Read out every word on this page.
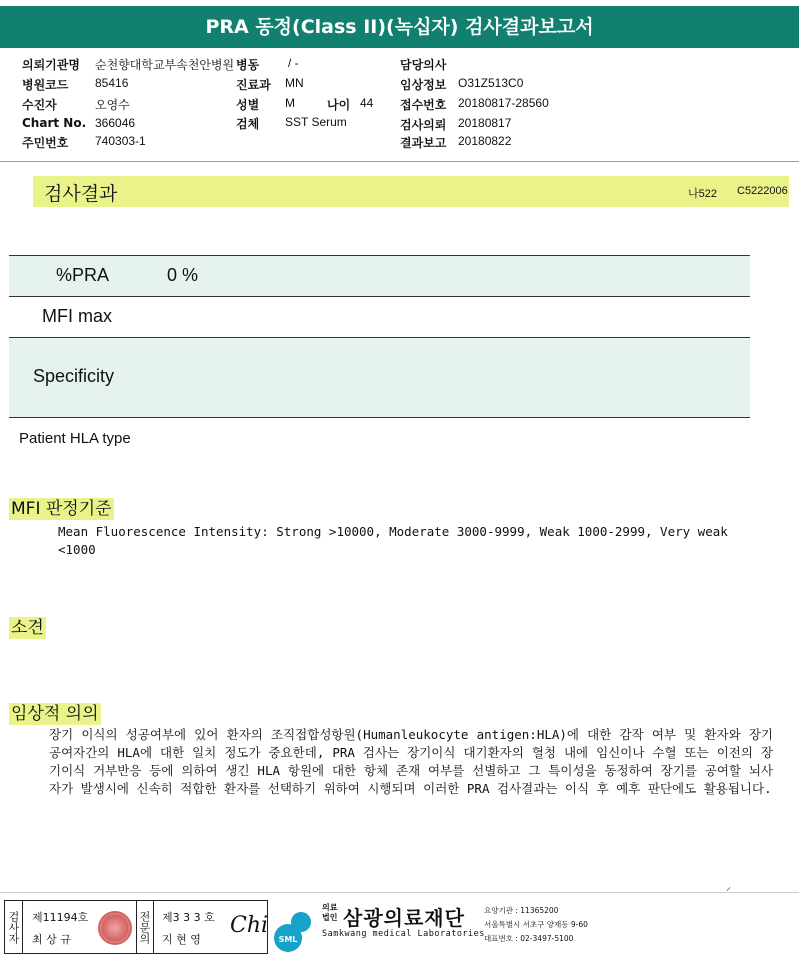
PRA 동정(Class II)(녹십자) 검사결과보고서
의뢰기관명 순천향대학교부속천안병원
병원코드 85416
수진자	오영수
Chart No. 366046
주민번호 740303-1
병동 / -
진료과 MN
성별 M	나이 44
검체 SST Serum
담당의사
임상정보 O31Z513C0
접수번호 20180817-28560
검사의뢰 20180817
결과보고 20180822
검사결과	나522 C5222006
%PRA	0 %
MFI max
Specificity
Patient HLA type
MFI 판정기준
Mean Fluorescence Intensity: Strong >10000, Moderate 3000-9999, Weak 1000-2999, Very weak <1000
소견
임상적 의의
장기 이식의 성공여부에 있어 환자의 조직접합성항원(Humanleukocyte antigen:HLA)에 대한 감작 여부 및 환자와 장기공여자간의 HLA에 대한 일치 정도가 중요한데, PRA 검사는 장기이식 대기환자의 혈청 내에 임신이나 수혈 또는 이전의 장기이식 거부반응 등에 의하여 생긴 HLA 항원에 대한 항체 존재 여부를 선별하고 그 특이성을 동정하여 장기를 공여할 뇌사자가 발생시에 신속히 적합한 환자를 선택하기 위하여 시행되며 이러한 PRA 검사결과는 이식 후 예후 판단에도 활용됩니다.
⸝
검사자 제11194호
최 상 규	전문의 제3 3 3 호
지 현 영
Chi
SML
의료법인 삼광의료재단
Samkwang medical Laboratories
요양기관 : 11365200
서울특별시 서초구 양재동 9-60
대표번호 : 02-3497-5100
